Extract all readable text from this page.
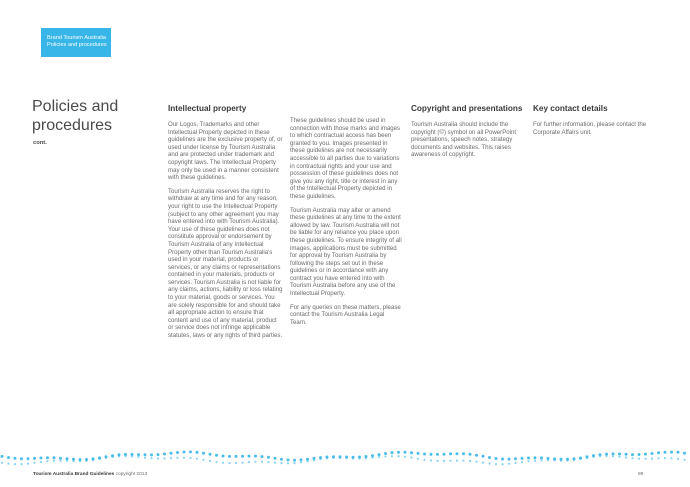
Brand Tourism Australia
Policies and procedures
Policies and procedures
cont.
Intellectual property

Our Logos, Trademarks and other Intellectual Property depicted in these guidelines are the exclusive property of, or used under license by Tourism Australia and are protected under trademark and copyright laws. The Intellectual Property may only be used in a manner consistent with these guidelines.

Tourism Australia reserves the right to withdraw at any time and for any reason, your right to use the Intellectual Property (subject to any other agreement you may have entered into with Tourism Australia). Your use of these guidelines does not constitute approval or endorsement by Tourism Australia of any Intellectual Property other than Tourism Australia's used in your material, products or services, or any claims or representations contained in your materials, products or services. Tourism Australia is not liable for any claims, actions, liability or loss relating to your material, goods or services. You are solely responsible for and should take all appropriate action to ensure that content and use of any material, product or service does not infringe applicable statutes, laws or any rights of third parties.

These guidelines should be used in connection with those marks and images to which contractual access has been granted to you. Images presented in these guidelines are not necessarily accessible to all parties due to variations in contractual rights and your use and possession of these guidelines does not give you any right, title or interest in any of the Intellectual Property depicted in these guidelines.

Tourism Australia may alter or amend these guidelines at any time to the extent allowed by law. Tourism Australia will not be liable for any reliance you place upon these guidelines. To ensure integrity of all images, applications must be submitted for approval by Tourism Australia by following the steps set out in these guidelines or in accordance with any contract you have entered into with Tourism Australia before any use of the Intellectual Property.

For any queries on these matters, please contact the Tourism Australia Legal Team.

Copyright and presentations

Tourism Australia should include the copyright (©) symbol on all PowerPoint presentations, speech notes, strategy documents and websites. This raises awareness of copyright.

Key contact details

For further information, please contact the Corporate Affairs unit.

Tourism Australia Brand Guidelines copyright 2013	89
